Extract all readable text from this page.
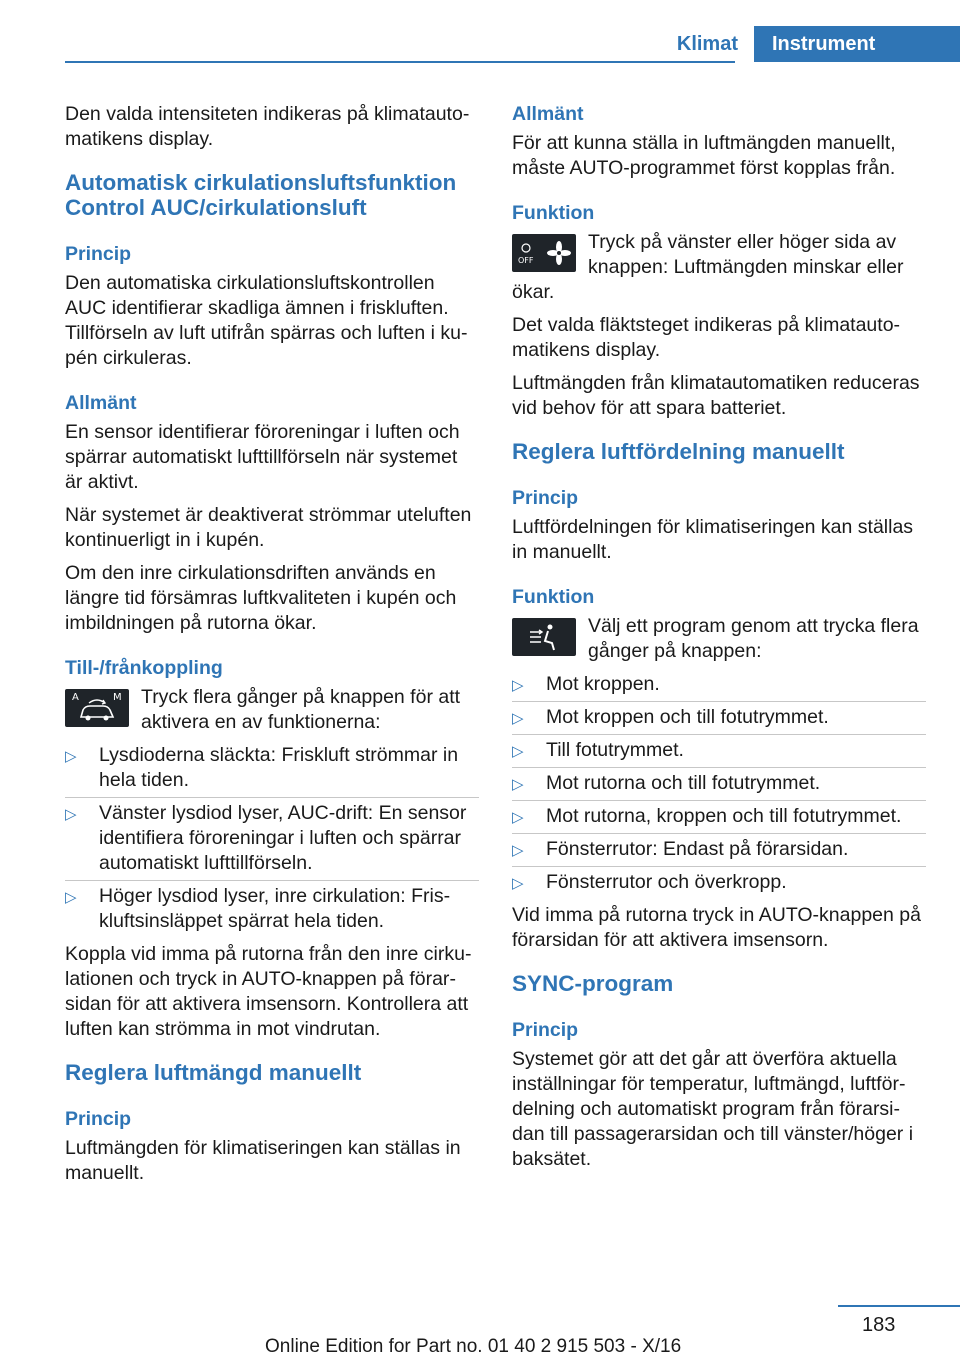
Klimat	Instrument

Den valda intensiteten indikeras på klimatautomatikens display.

Automatisk cirkulationsluftsfunktion Control AUC/cirkulationsluft
Princip

Den automatiska cirkulationsluftskontrollen AUC identifierar skadliga ämnen i friskluften. Tillförseln av luft utifrån spärras och luften i kupén cirkuleras.

Allmänt

En sensor identifierar föroreningar i luften och spärrar automatiskt lufttillförseln när systemet är aktivt.

När systemet är deaktiverat strömmar uteluften kontinuerligt in i kupén.

Om den inre cirkulationsdriften används en längre tid försämras luftkvaliteten i kupén och imbildningen på rutorna ökar.

Till-/frånkoppling
A	M Tryck flera gånger på knappen för att aktivera en av funktionerna:

▷ Lysdioderna släckta: Friskluft strömmar in hela tiden.
▷ Vänster lysdiod lyser, AUC-drift: En sensor identifiera föroreningar i luften och spärrar automatiskt lufttillförseln.
▷ Höger lysdiod lyser, inre cirkulation: Friskluftsinsläppet spärrat hela tiden.

Koppla vid imma på rutorna från den inre cirkulationen och tryck in AUTO-knappen på förarsidan för att aktivera imsensorn. Kontrollera att luften kan strömma in mot vindrutan.

Reglera luftmängd manuellt
Princip

Luftmängden för klimatiseringen kan ställas in manuellt.

Allmänt

För att kunna ställa in luftmängden manuellt, måste AUTO-programmet först kopplas från.

Funktion
OFF

Tryck på vänster eller höger sida av knappen: Luftmängden minskar eller ökar.

Det valda fläktsteget indikeras på klimatautomatikens display.

Luftmängden från klimatautomatiken reduceras vid behov för att spara batteriet.

Reglera luftfördelning manuellt
Princip

Luftfördelningen för klimatiseringen kan ställas in manuellt.

Funktion

Välj ett program genom att trycka flera gånger på knappen:

▷ Mot kroppen.
▷ Mot kroppen och till fotutrymmet.
▷ Till fotutrymmet.
▷ Mot rutorna och till fotutrymmet.
▷ Mot rutorna, kroppen och till fotutrymmet.
▷ Fönsterrutor: Endast på förarsidan.
▷ Fönsterrutor och överkropp.

Vid imma på rutorna tryck in AUTO-knappen på förarsidan för att aktivera imsensorn.

SYNC-program
Princip

Systemet gör att det går att överföra aktuella inställningar för temperatur, luftmängd, luftfördelning och automatiskt program från förarsidan till passagerarsidan och till vänster/höger i baksätet.

183
Online Edition for Part no. 01 40 2 915 503 - X/16
